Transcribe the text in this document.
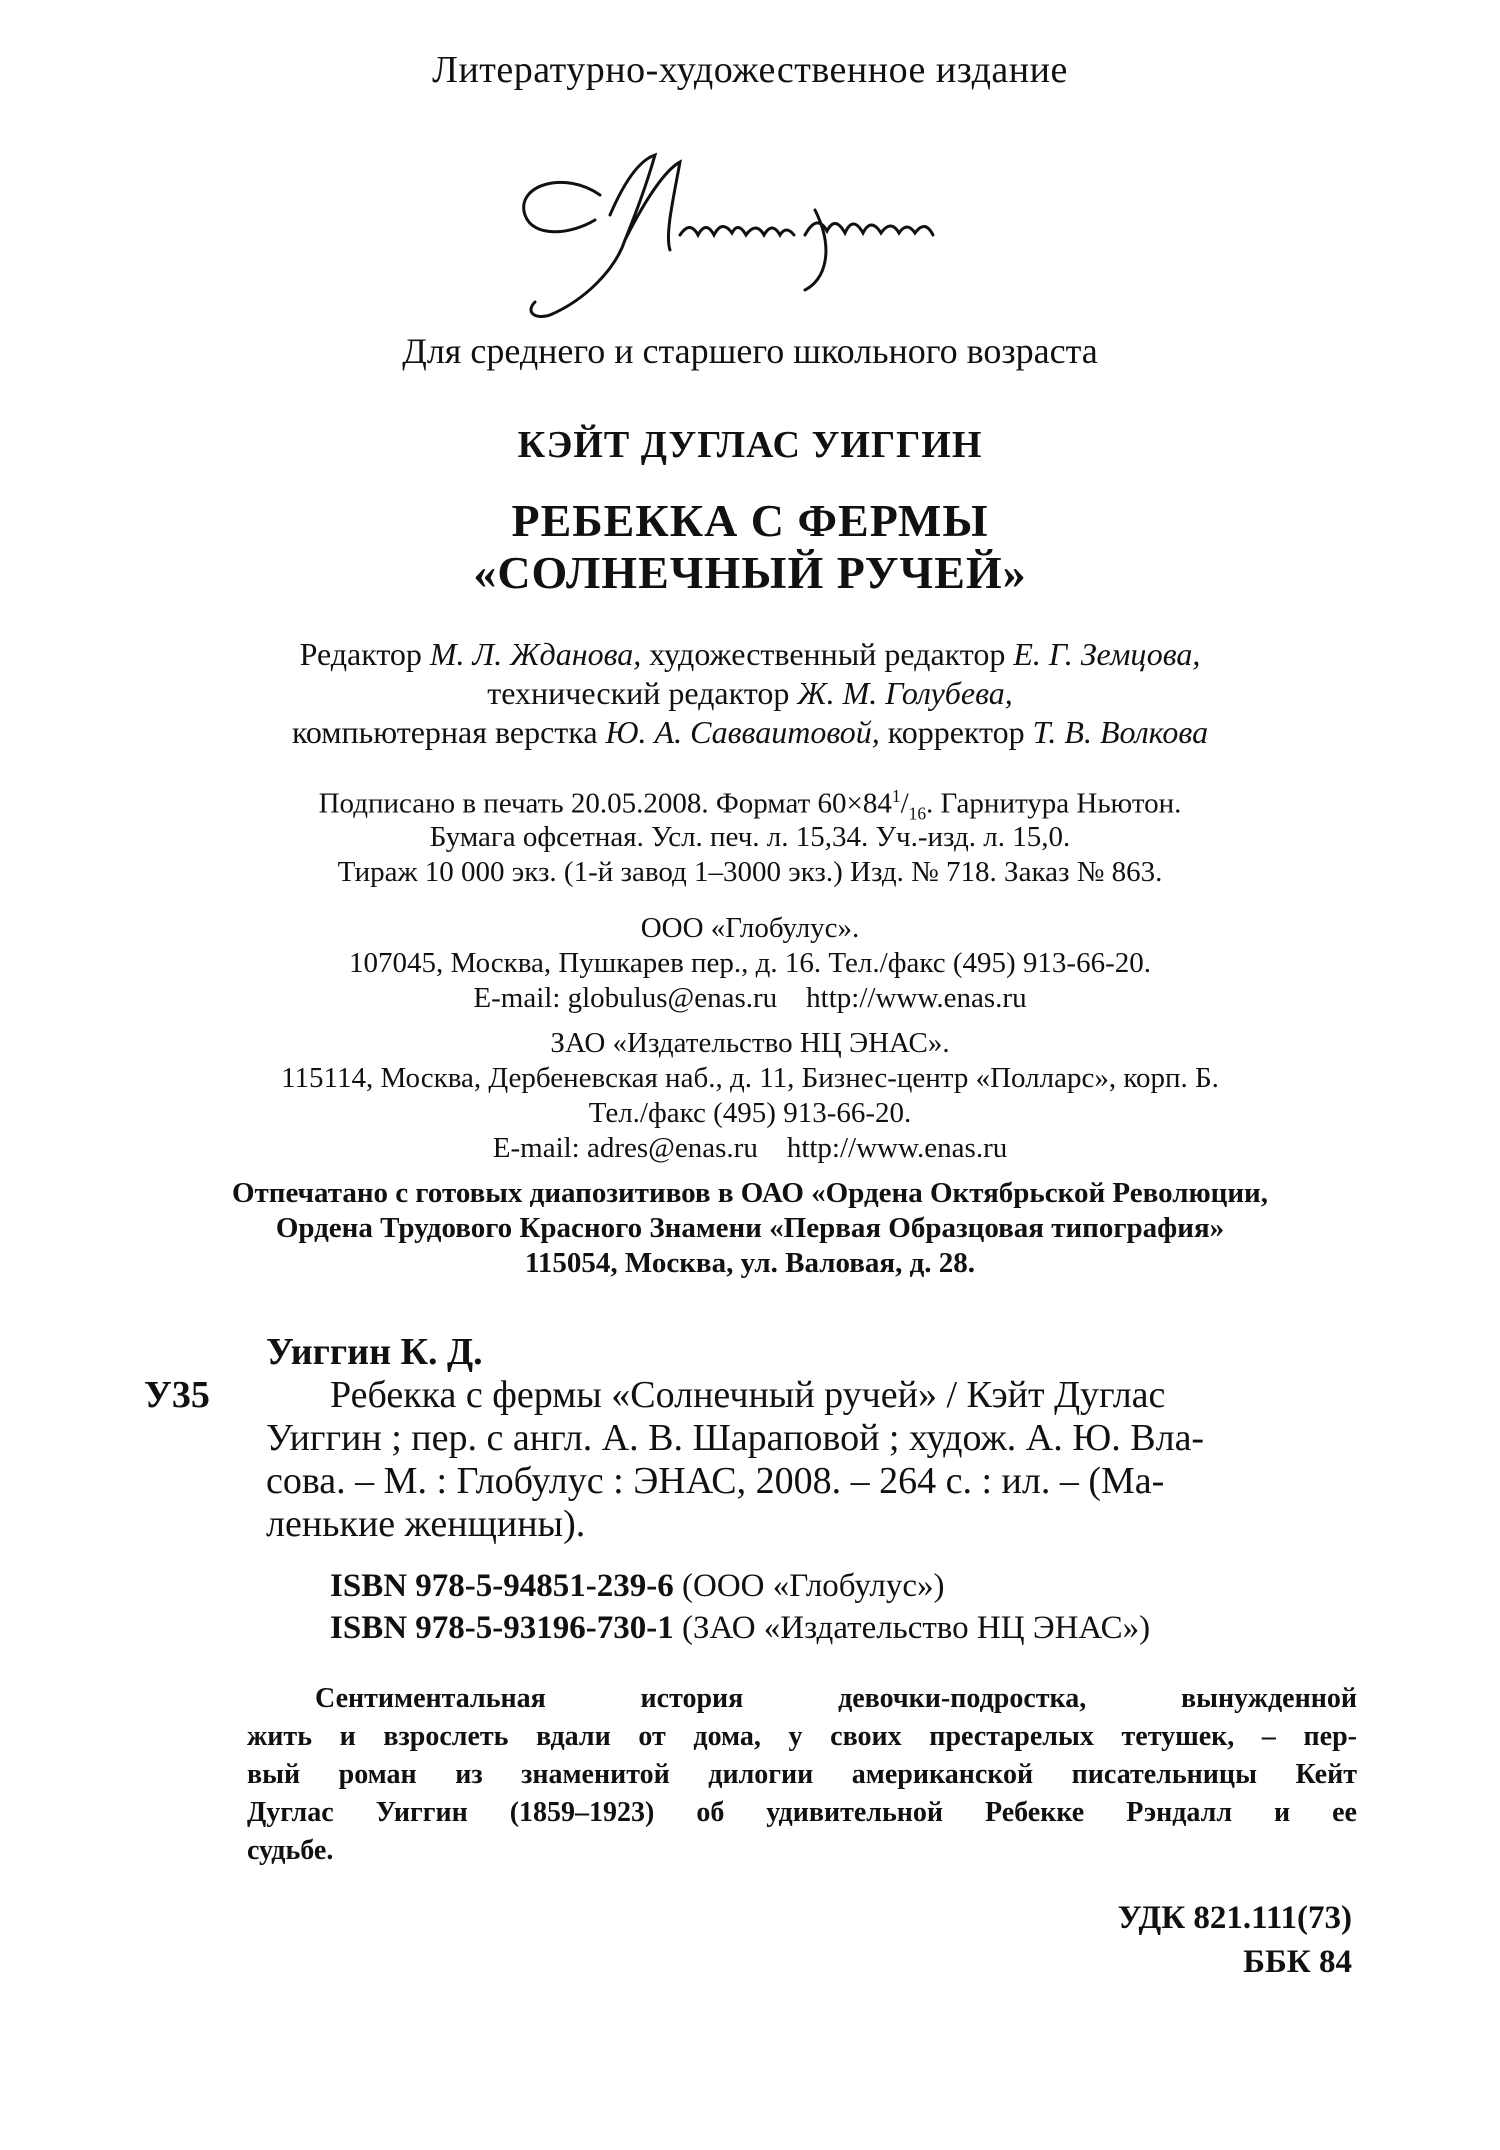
Литературно-художественное издание
Для среднего и старшего школьного возраста
КЭЙТ ДУГЛАС УИГГИН
РЕБЕККА С ФЕРМЫ
«СОЛНЕЧНЫЙ РУЧЕЙ»
Редактор М. Л. Жданова, художественный редактор Е. Г. Земцова,
технический редактор Ж. М. Голубева,
компьютерная верстка Ю. А. Савваитовой, корректор Т. В. Волкова
Подписано в печать 20.05.2008. Формат $60\times 84^1/_{16}$. Гарнитура Ньютон.
Бумага офсетная. Усл. печ. л. 15,34. Уч.-изд. л. 15,0.
Тираж 10 000 экз. (1-й завод 1–3000 экз.) Изд. № 718. Заказ № 863.
ООО «Глобулус».
107045, Москва, Пушкарев пер., д. 16. Тел./факс (495) 913-66-20.
E-mail: globulus@enas.ru    http://www.enas.ru
ЗАО «Издательство НЦ ЭНАС».
115114, Москва, Дербеневская наб., д. 11, Бизнес-центр «Полларс», корп. Б.
Тел./факс (495) 913-66-20.
E-mail: adres@enas.ru    http://www.enas.ru
Отпечатано с готовых диапозитивов в ОАО «Ордена Октябрьской Революции,
Ордена Трудового Красного Знамени «Первая Образцовая типография»
115054, Москва, ул. Валовая, д. 28.
Уиггин К. Д.
У35	Ребекка с фермы «Солнечный ручей» / Кэйт Дуглас
Уиггин ; пер. с англ. А. В. Шараповой ; худож. А. Ю. Вла-
сова. – М. : Глобулус : ЭНАС, 2008. – 264 с. : ил. – (Ма-
ленькие женщины).
ISBN 978-5-94851-239-6 (ООО «Глобулус»)
ISBN 978-5-93196-730-1 (ЗАО «Издательство НЦ ЭНАС»)
Сентиментальная история девочки-подростка, вынужденной
жить и взрослеть вдали от дома, у своих престарелых тетушек, – пер-
вый роман из знаменитой дилогии американской писательницы Кейт
Дуглас Уиггин (1859–1923) об удивительной Ребекке Рэндалл и ее
судьбе.
УДК 821.111(73)
ББК 84
